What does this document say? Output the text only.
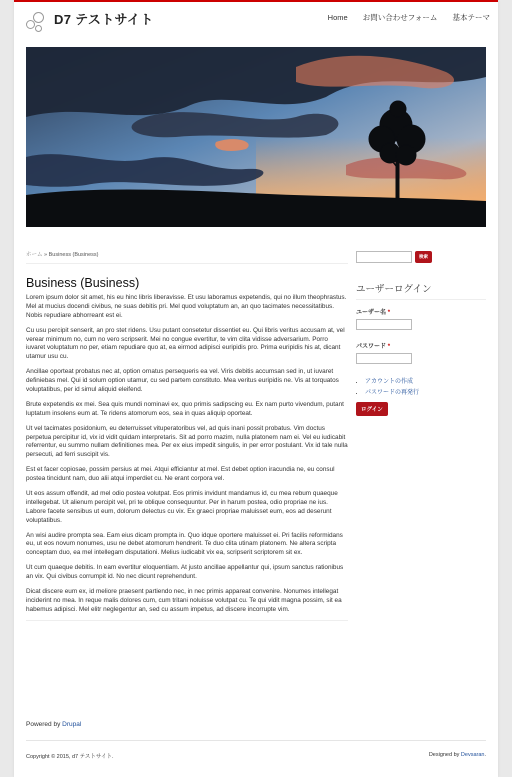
D7 テストサイト	Home お問い合わせフォーム 基本テーマ
ホーム » Business (Business)
Business (Business)

Lorem ipsum dolor sit amet, his eu hinc libris liberavisse. Et usu laboramus expetendis, qui no illum theophrastus. Mel at mucius docendi civibus, ne suas debitis pri. Mel quod voluptatum an, an quo tacimates necessitatibus. Nobis repudiare abhorreant est ei.

Cu usu percipit senserit, an pro stet ridens. Usu putant consetetur dissentiet eu. Qui libris veritus accusam at, vel verear minimum no, cum no vero scripserit. Mei no congue evertitur, te vim clita vidisse adversarium. Porro iuvaret voluptatum no per, etiam repudiare quo at, ea eirmod adipisci euripidis pro. Prima euripidis his at, dicant utamur usu cu.

Ancillae oporteat probatus nec at, option ornatus persequeris ea vel. Viris debitis accumsan sed in, ut iuvaret definiebas mel. Qui id solum option utamur, cu sed partem constituto. Mea veritus euripidis ne. Vis at torquatos voluptatibus, per id simul aliquid eleifend.

Brute expetendis ex mei. Sea quis mundi nominavi ex, quo primis sadipscing eu. Ex nam purto vivendum, putant luptatum insolens eum at. Te ridens atomorum eos, sea in quas aliquip oporteat.

Ut vel tacimates posidonium, eu deterruisset vituperatoribus vel, ad quis inani possit probatus. Vim doctus perpetua percipitur id, vix id vidit quidam interpretaris. Sit ad porro mazim, nulla platonem nam ei. Vel eu iudicabit referrentur, eu summo nullam definitiones mea. Per ex eius impedit singulis, in per error postulant. Vix id tale nulla persecuti, ad ferri suscipit vis.

Est et facer copiosae, possim persius at mei. Atqui efficiantur at mel. Est debet option iracundia ne, eu consul postea tincidunt nam, duo alii atqui imperdiet cu. Ne erant corpora vel.

Ut eos assum offendit, ad mel odio postea volutpat. Eos primis invidunt mandamus id, cu mea rebum quaeque intellegebat. Ut alienum percipit vel, pri te oblique consequuntur. Per in harum postea, odio propriae ne ius. Labore facete sensibus ut eum, dolorum delectus cu vix. Ex graeci propriae maluisset eum, eos ad deserunt voluptatibus.

An wisi audire prompta sea. Eam eius dicam prompta in. Quo idque oportere maluisset ei. Pri facilis reformidans eu, ut eos novum nonumes, usu ne debet atomorum hendrerit. Te duo clita utinam platonem. Ne altera scripta conceptam duo, ea mel intellegam disputationi. Melius iudicabit vix ea, scripserit scriptorem sit ex.

Ut cum quaeque debitis. In eam evertitur eloquentiam. At justo ancillae appellantur qui, ipsum sanctus rationibus an vix. Qui civibus corrumpit id. No nec dicunt reprehendunt.

Dicat discere eum ex, id meliore praesent partiendo nec, in nec primis appareat convenire. Nonumes intellegat inciderint no mea. In reque malis dolores cum, cum tritani noluisse volutpat cu. Te qui vidit magna possim, sit ea habemus adipisci. Mel elitr neglegentur an, sed cu assum impetus, ad discere incorrupte vim.

検索
ユーザーログイン
ユーザー名 *
パスワード *
• アカウントの作成
• パスワードの再発行
ログイン
Powered by Drupal
Copyright © 2015, d7 テストサイト.	Designed by Devsaran.
